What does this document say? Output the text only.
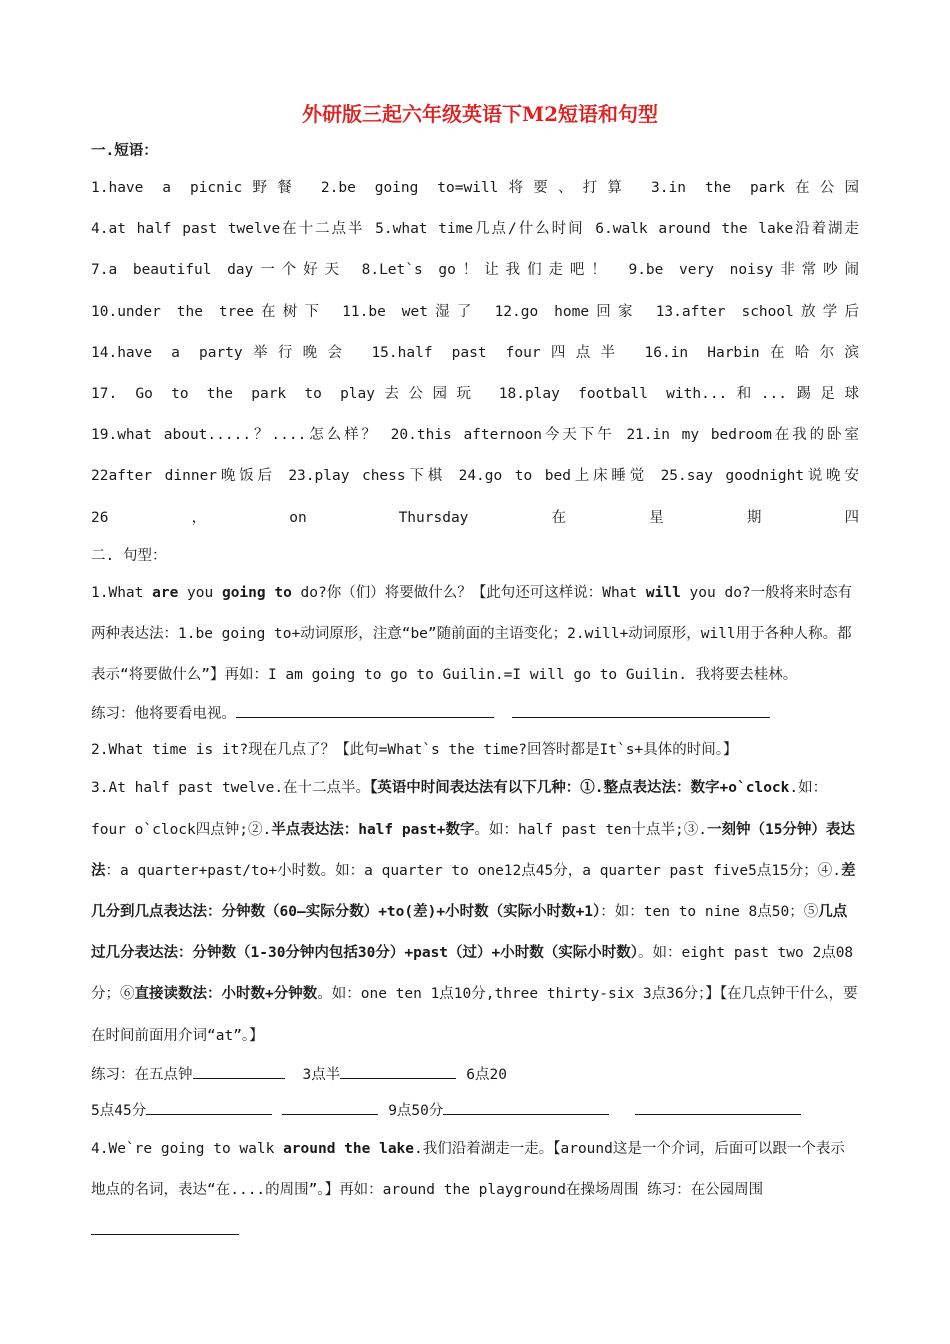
外研版三起六年级英语下M2短语和句型
一.短语：
1.have a picnic野餐 2.be going to=will将要、打算 3.in the park在公园 4.at half past twelve在十二点半 5.what time几点/什么时间 6.walk around the lake沿着湖走 7.a beautiful day一个好天 8.Let`s go！让我们走吧！ 9.be very noisy非常吵闹 10.under the tree在树下 11.be wet湿了 12.go home回家 13.after school放学后 14.have a party举行晚会 15.half past four四点半 16.in Harbin在哈尔滨 17. Go to the park to play去公园玩 18.play football with...和...踢足球 19.what about.....？....怎么样？ 20.this afternoon今天下午 21.in my bedroom在我的卧室 22after dinner晚饭后 23.play chess下棋 24.go to bed上床睡觉 25.say goodnight说晚安 26，on Thursday在星期四
二. 句型：
1.What are you going to do?你（们）将要做什么？【此句还可这样说：What will you do?一般将来时态有两种表达法：1.be going to+动词原形，注意“be”随前面的主语变化；2.will+动词原形，will用于各种人称。都表示“将要做什么”】再如：I am going to go to Guilin.=I will go to Guilin. 我将要去桂林。
练习：他将要看电视。
2.What time is it?现在几点了？【此句=What`s the time?回答时都是It`s+具体的时间。】
3.At half past twelve.在十二点半。【英语中时间表达法有以下几种：①.整点表达法：数字+o`clock.如：four o`clock四点钟;②.半点表达法：half past+数字。如：half past ten十点半;③.一刻钟（15分钟）表达法：a quarter+past/to+小时数。如：a quarter to one12点45分，a quarter past five5点15分；④.差几分到几点表达法：分钟数（60—实际分数）+to(差)+小时数（实际小时数+1）：如：ten to nine 8点50；⑤几点过几分表达法：分钟数（1-30分钟内包括30分）+past（过）+小时数（实际小时数）。如：eight past two 2点08分；⑥直接读数法：小时数+分钟数。如：one ten 1点10分,three thirty-six 3点36分；】【在几点钟干什么，要在时间前面用介词“at”。】
练习：在五点钟	3点半	6点20
5点45分	9点50分
4.We`re going to walk around the lake.我们沿着湖走一走。【around这是一个介词，后面可以跟一个表示地点的名词，表达“在....的周围”。】再如：around the playground在操场周围 练习：在公园周围
